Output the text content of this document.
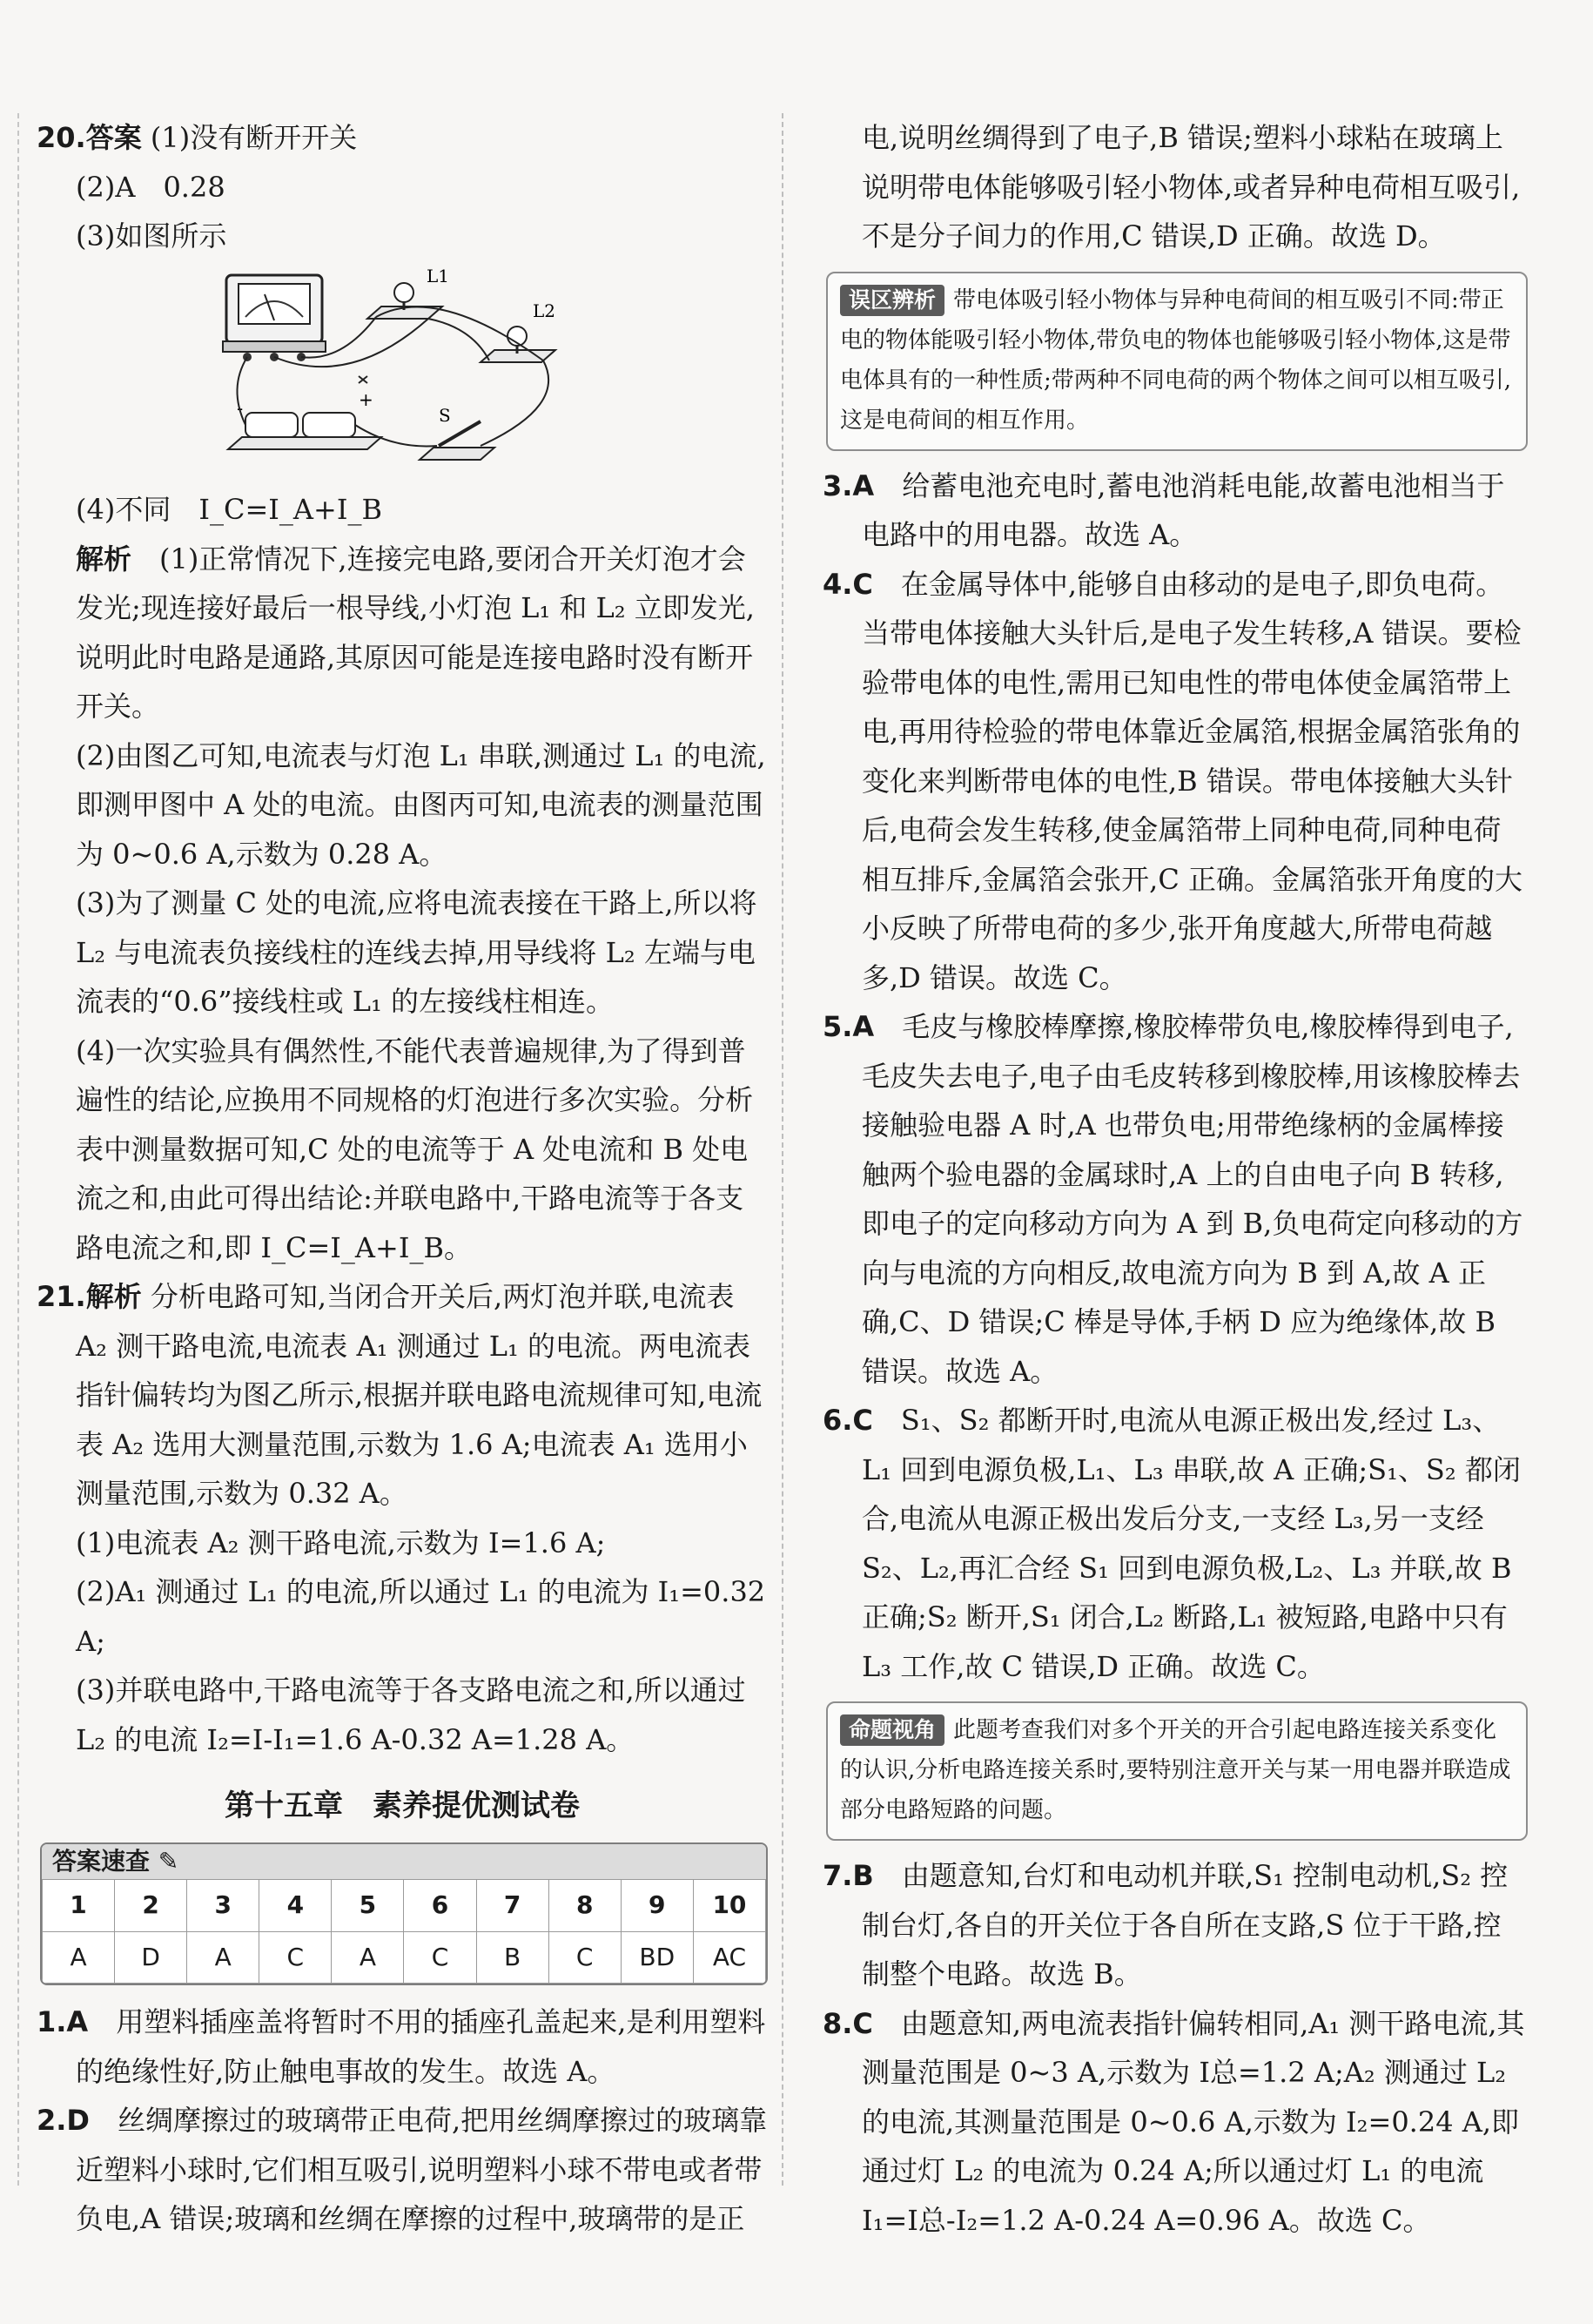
20.答案 (1)没有断开开关

(2)A　0.28

(3)如图所示

L1
L2
-	+
S

(4)不同　I_C=I_A+I_B

解析　 (1)正常情况下,连接完电路,要闭合开关灯泡才会发光;现连接好最后一根导线,小灯泡 L₁ 和 L₂ 立即发光,说明此时电路是通路,其原因可能是连接电路时没有断开开关。

(2)由图乙可知,电流表与灯泡 L₁ 串联,测通过 L₁ 的电流,即测甲图中 A 处的电流。由图丙可知,电流表的测量范围为 0~0.6 A,示数为 0.28 A。

(3)为了测量 C 处的电流,应将电流表接在干路上,所以将 L₂ 与电流表负接线柱的连线去掉,用导线将 L₂ 左端与电流表的“0.6”接线柱或 L₁ 的左接线柱相连。

(4)一次实验具有偶然性,不能代表普遍规律,为了得到普遍性的结论,应换用不同规格的灯泡进行多次实验。分析表中测量数据可知,C 处的电流等于 A 处电流和 B 处电流之和,由此可得出结论:并联电路中,干路电流等于各支路电流之和,即 I_C=I_A+I_B。

21.解析 分析电路可知,当闭合开关后,两灯泡并联,电流表 A₂ 测干路电流,电流表 A₁ 测通过 L₁ 的电流。两电流表指针偏转均为图乙所示,根据并联电路电流规律可知,电流表 A₂ 选用大测量范围,示数为 1.6 A;电流表 A₁ 选用小测量范围,示数为 0.32 A。

(1)电流表 A₂ 测干路电流,示数为 I=1.6 A;

(2)A₁ 测通过 L₁ 的电流,所以通过 L₁ 的电流为 I₁=0.32 A;

(3)并联电路中,干路电流等于各支路电流之和,所以通过 L₂ 的电流 I₂=I-I₁=1.6 A-0.32 A=1.28 A。

第十五章　素养提优测试卷
答案速查 ✎
1	2	3	4	5	6	7	8	9	10
A	D	A	C	A	C	B	C	BD	AC

1.A　 用塑料插座盖将暂时不用的插座孔盖起来,是利用塑料的绝缘性好,防止触电事故的发生。故选 A。

2.D　 丝绸摩擦过的玻璃带正电荷,把用丝绸摩擦过的玻璃靠近塑料小球时,它们相互吸引,说明塑料小球不带电或者带负电,A 错误;玻璃和丝绸在摩擦的过程中,玻璃带的是正

电,说明丝绸得到了电子,B 错误;塑料小球粘在玻璃上说明带电体能够吸引轻小物体,或者异种电荷相互吸引,不是分子间力的作用,C 错误,D 正确。故选 D。

误区辨析 带电体吸引轻小物体与异种电荷间的相互吸引不同:带正电的物体能吸引轻小物体,带负电的物体也能够吸引轻小物体,这是带电体具有的一种性质;带两种不同电荷的两个物体之间可以相互吸引,这是电荷间的相互作用。

3.A　 给蓄电池充电时,蓄电池消耗电能,故蓄电池相当于电路中的用电器。故选 A。

4.C　 在金属导体中,能够自由移动的是电子,即负电荷。当带电体接触大头针后,是电子发生转移,A 错误。要检验带电体的电性,需用已知电性的带电体使金属箔带上电,再用待检验的带电体靠近金属箔,根据金属箔张角的变化来判断带电体的电性,B 错误。带电体接触大头针后,电荷会发生转移,使金属箔带上同种电荷,同种电荷相互排斥,金属箔会张开,C 正确。金属箔张开角度的大小反映了所带电荷的多少,张开角度越大,所带电荷越多,D 错误。故选 C。

5.A　 毛皮与橡胶棒摩擦,橡胶棒带负电,橡胶棒得到电子,毛皮失去电子,电子由毛皮转移到橡胶棒,用该橡胶棒去接触验电器 A 时,A 也带负电;用带绝缘柄的金属棒接触两个验电器的金属球时,A 上的自由电子向 B 转移,即电子的定向移动方向为 A 到 B,负电荷定向移动的方向与电流的方向相反,故电流方向为 B 到 A,故 A 正确,C、D 错误;C 棒是导体,手柄 D 应为绝缘体,故 B 错误。故选 A。

6.C　 S₁、S₂ 都断开时,电流从电源正极出发,经过 L₃、L₁ 回到电源负极,L₁、L₃ 串联,故 A 正确;S₁、S₂ 都闭合,电流从电源正极出发后分支,一支经 L₃,另一支经 S₂、L₂,再汇合经 S₁ 回到电源负极,L₂、L₃ 并联,故 B 正确;S₂ 断开,S₁ 闭合,L₂ 断路,L₁ 被短路,电路中只有 L₃ 工作,故 C 错误,D 正确。故选 C。

命题视角 此题考查我们对多个开关的开合引起电路连接关系变化的认识,分析电路连接关系时,要特别注意开关与某一用电器并联造成部分电路短路的问题。

7.B　 由题意知,台灯和电动机并联,S₁ 控制电动机,S₂ 控制台灯,各自的开关位于各自所在支路,S 位于干路,控制整个电路。故选 B。

8.C　 由题意知,两电流表指针偏转相同,A₁ 测干路电流,其测量范围是 0~3 A,示数为 I总=1.2 A;A₂ 测通过 L₂ 的电流,其测量范围是 0~0.6 A,示数为 I₂=0.24 A,即通过灯 L₂ 的电流为 0.24 A;所以通过灯 L₁ 的电流 I₁=I总-I₂=1.2 A-0.24 A=0.96 A。故选 C。
